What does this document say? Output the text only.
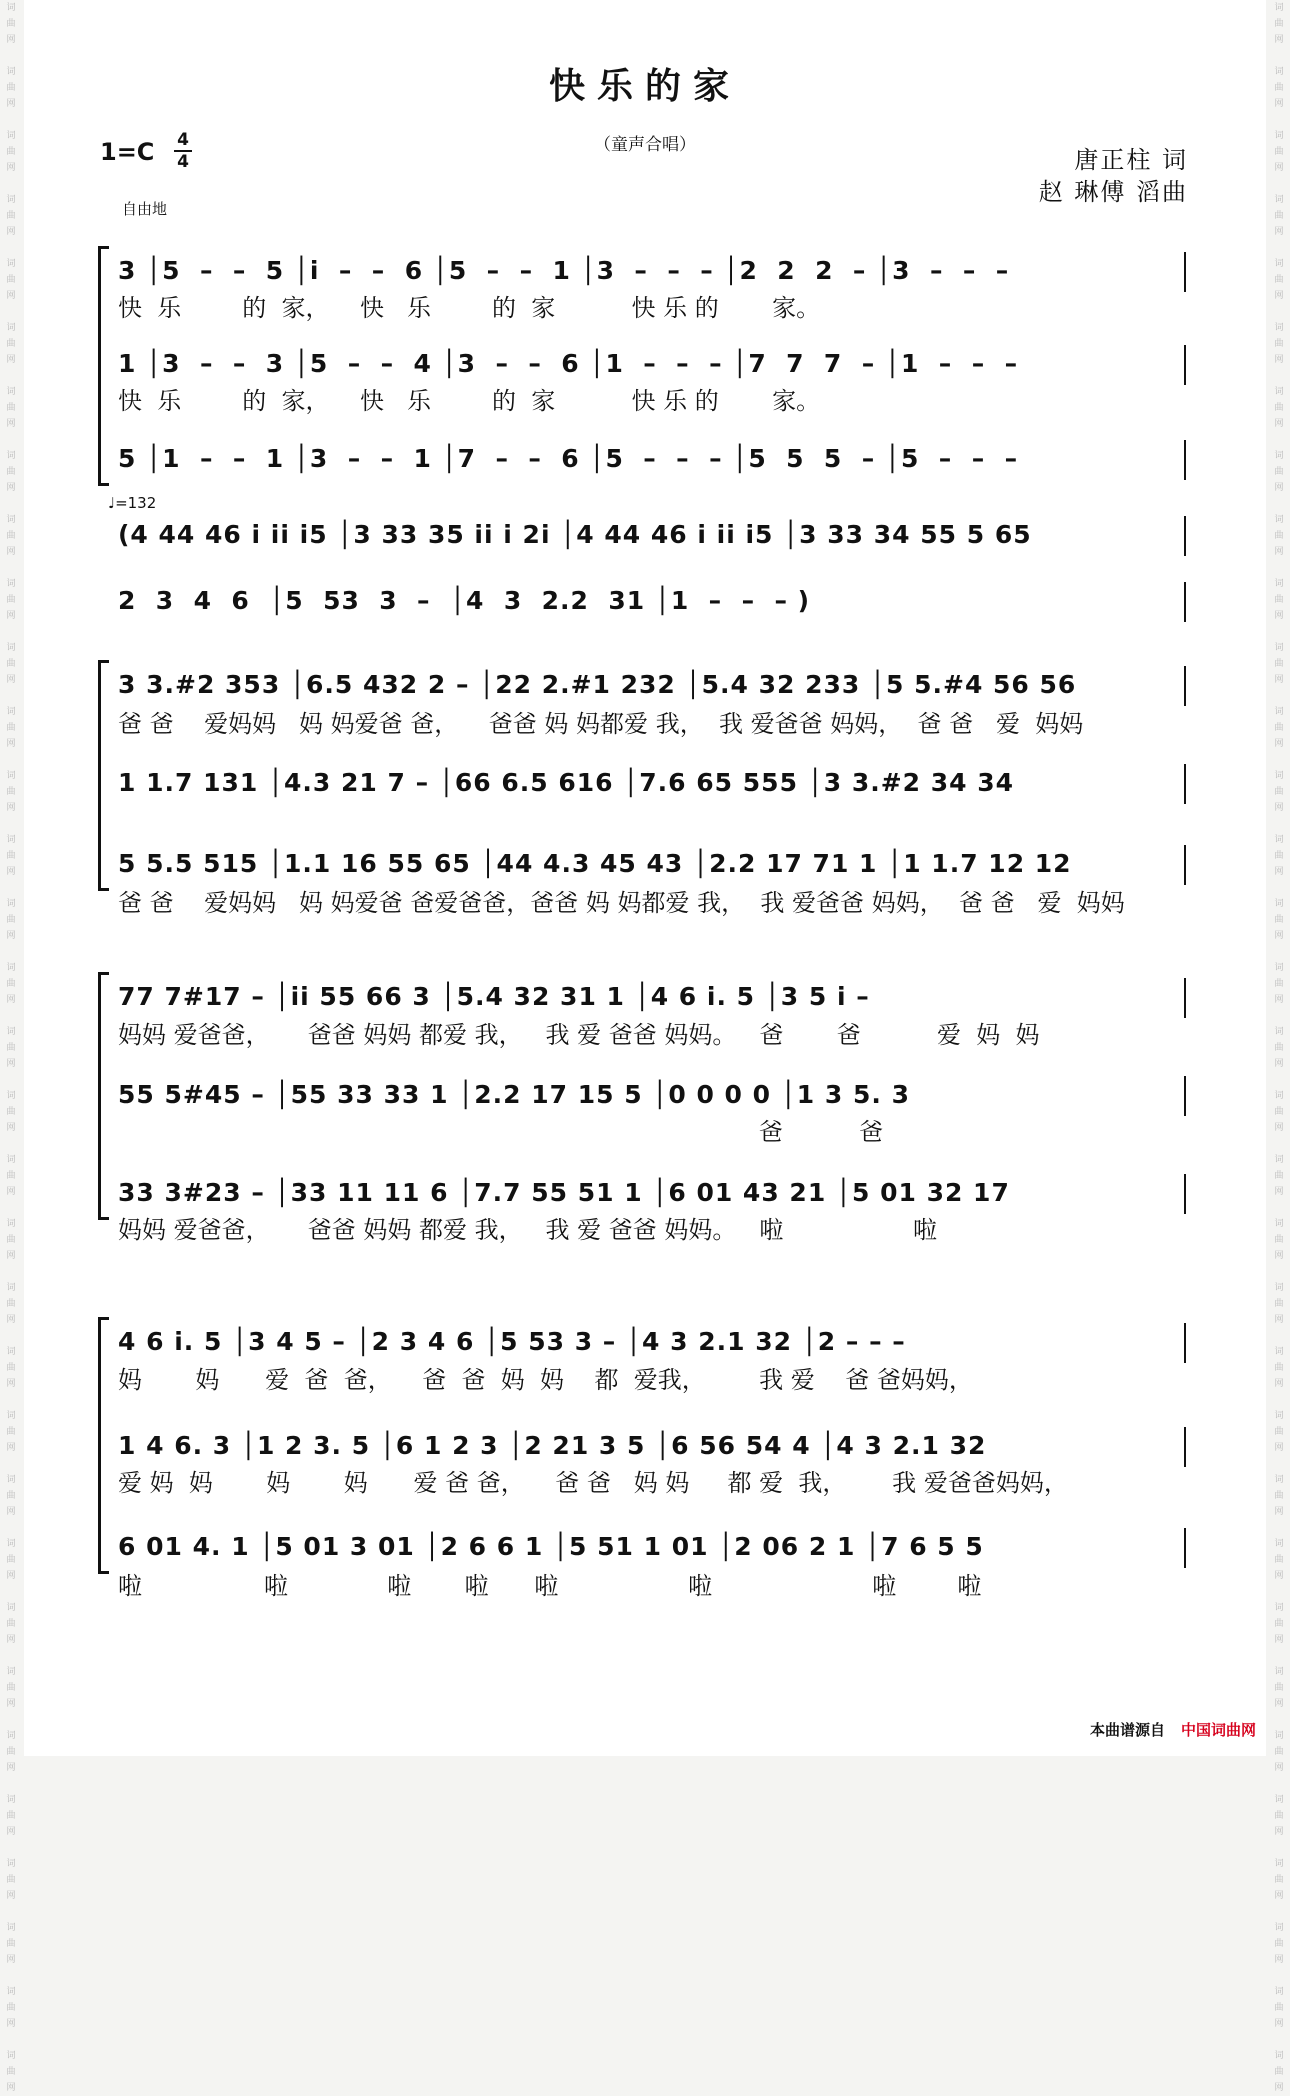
词
曲
网

词
曲
网

词
曲
网

词
曲
网

词
曲
网

词
曲
网

词
曲
网

词
曲
网

词
曲
网

词
曲
网

词
曲
网

词
曲
网

词
曲
网

词
曲
网

词
曲
网

词
曲
网

词
曲
网

词
曲
网

词
曲
网

词
曲
网

词
曲
网

词
曲
网

词
曲
网

词
曲
网

词
曲
网

词
曲
网

词
曲
网

词
曲
网

词
曲
网

词
曲
网

词
曲
网

词
曲
网

词
曲
网

词
曲
网

词
曲
网

词
曲
网

词
曲
网

词
曲
网

词
曲
网

词
曲
网

词
曲
网

词
曲
网

词
曲
网

词
曲
网

词
曲
网

词
曲
网

词
曲
网

词
曲
网

词
曲
网

词
曲
网

词
曲
网

词
曲
网

词
曲
网

词
曲
网

词
曲
网

词
曲
网

词
曲
网

词
曲
网

词
曲
网

词
曲
网

词
曲
网

词
曲
网

词
曲
网

词
曲
网

词
曲
网

词
曲
网

快乐的家
（童声合唱）
1=C 4
4	唐正柱 词
赵 琳傅 滔曲
自由地
♩=132
3 │5  –  –  5 │i  –  –  6 │5  –  –  1 │3  –  –  – │2  2  2  – │3  –  –  –
快  乐        的  家，    快   乐        的  家          快 乐 的       家。
1 │3  –  –  3 │5  –  –  4 │3  –  –  6 │1  –  –  – │7  7  7  – │1  –  –  –
快  乐        的  家，    快   乐        的  家          快 乐 的       家。
5 │1  –  –  1 │3  –  –  1 │7  –  –  6 │5  –  –  – │5  5  5  – │5  –  –  –
(4 44 46 i ii i5 │3 33 35 ii i 2i │4 44 46 i ii i5 │3 33 34 55 5 65
2  3  4  6  │5  53  3  –  │4  3  2.2  31 │1  –  –  – )
3 3.#2 353 │6.5 432 2 – │22 2.#1 232 │5.4 32 233 │5 5.#4 56 56
爸 爸    爱妈妈   妈 妈爱爸 爸，    爸爸 妈 妈都爱 我，  我 爱爸爸 妈妈，  爸 爸   爱  妈妈
1 1.7 131 │4.3 21 7 – │66 6.5 616 │7.6 65 555 │3 3.#2 34 34
5 5.5 515 │1.1 16 55 65 │44 4.3 45 43 │2.2 17 71 1 │1 1.7 12 12
爸 爸    爱妈妈   妈 妈爱爸 爸爱爸爸，爸爸 妈 妈都爱 我，  我 爱爸爸 妈妈，  爸 爸   爱  妈妈
77 7#17 – │ii 55 66 3 │5.4 32 31 1 │4 6 i. 5 │3 5 i –
妈妈 爱爸爸，     爸爸 妈妈 都爱 我，   我 爱 爸爸 妈妈。   爸       爸          爱  妈  妈
55 5#45 – │55 33 33 1 │2.2 17 15 5 │0 0 0 0 │1 3 5. 3
爸          爸
33 3#23 – │33 11 11 6 │7.7 55 51 1 │6 01 43 21 │5 01 32 17
妈妈 爱爸爸，     爸爸 妈妈 都爱 我，   我 爱 爸爸 妈妈。   啦                 啦
4 6 i. 5 │3 4 5 – │2 3 4 6 │5 53 3 – │4 3 2.1 32 │2 – – –
妈       妈      爱  爸  爸，    爸  爸  妈  妈    都  爱我，       我 爱    爸 爸妈妈，
1 4 6. 3 │1 2 3. 5 │6 1 2 3 │2 21 3 5 │6 56 54 4 │4 3 2.1 32
爱 妈  妈       妈       妈      爱 爸 爸，    爸 爸   妈 妈     都 爱  我，      我 爱爸爸妈妈，
6 01 4. 1 │5 01 3 01 │2 6 6 1 │5 51 1 01 │2 06 2 1 │7 6 5 5
啦                啦             啦       啦      啦                 啦                     啦        啦
本曲谱源自 中国词曲网
